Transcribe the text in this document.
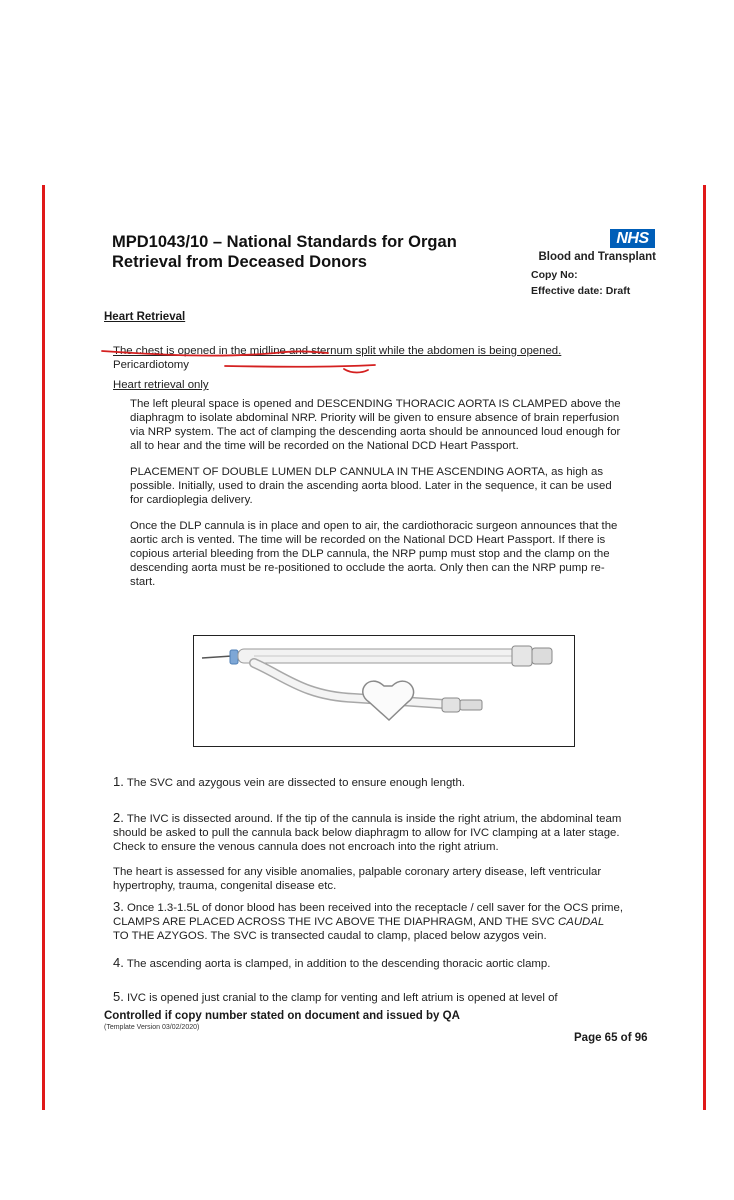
MPD1043/10 – National Standards for Organ
Retrieval from Deceased Donors
NHS
Blood and Transplant
Copy No:
Effective date: Draft
Heart Retrieval
The chest is opened in the midline and sternum split while the abdomen is being opened.
Pericardiotomy
Heart retrieval only
The left pleural space is opened and DESCENDING THORACIC AORTA IS CLAMPED above the
diaphragm to isolate abdominal NRP. Priority will be given to ensure absence of brain reperfusion
via NRP system. The act of clamping the descending aorta should be announced loud enough for
all to hear and the time will be recorded on the National DCD Heart Passport.
PLACEMENT OF DOUBLE LUMEN DLP CANNULA IN THE ASCENDING AORTA, as high as
possible. Initially, used to drain the ascending aorta blood. Later in the sequence, it can be used
for cardioplegia delivery.
Once the DLP cannula is in place and open to air, the cardiothoracic surgeon announces that the
aortic arch is vented. The time will be recorded on the National DCD Heart Passport. If there is
copious arterial bleeding from the DLP cannula, the NRP pump must stop and the clamp on the
descending aorta must be re-positioned to occlude the aorta. Only then can the NRP pump re-
start.
1. The SVC and azygous vein are dissected to ensure enough length.
2. The IVC is dissected around. If the tip of the cannula is inside the right atrium, the abdominal team
should be asked to pull the cannula back below diaphragm to allow for IVC clamping at a later stage.
Check to ensure the venous cannula does not encroach into the right atrium.
The heart is assessed for any visible anomalies, palpable coronary artery disease, left ventricular
hypertrophy, trauma, congenital disease etc.
3. Once 1.3-1.5L of donor blood has been received into the receptacle / cell saver for the OCS prime,
CLAMPS ARE PLACED ACROSS THE IVC ABOVE THE DIAPHRAGM, AND THE SVC CAUDAL
TO THE AZYGOS. The SVC is transected caudal to clamp, placed below azygos vein.
4. The ascending aorta is clamped, in addition to the descending thoracic aortic clamp.
5. IVC is opened just cranial to the clamp for venting and left atrium is opened at level of
Controlled if copy number stated on document and issued by QA
(Template Version 03/02/2020)
Page 65 of 96
